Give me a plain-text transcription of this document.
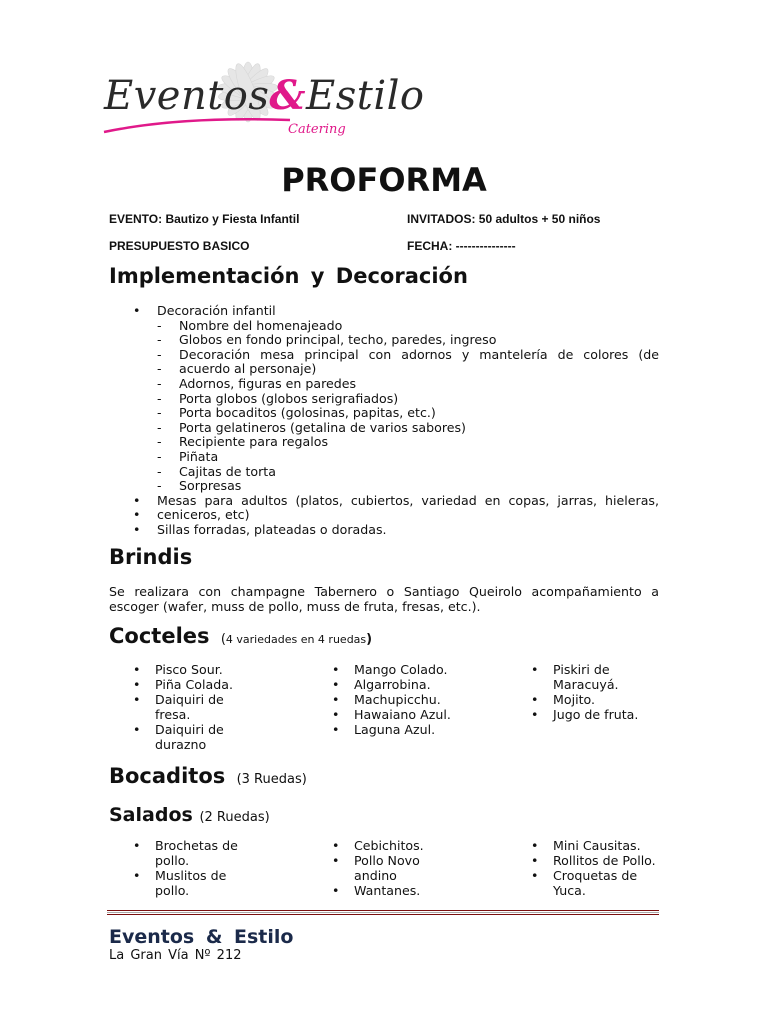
Eventos&Estilo
Catering
PROFORMA
EVENTO: Bautizo y Fiesta Infantil	INVITADOS: 50 adultos + 50 niños
PRESUPUESTO BASICO	FECHA: ---------------
Implementación y Decoración
• Decoración infantil
- Nombre del homenajeado
- Globos en fondo principal, techo, paredes, ingreso
- Decoración mesa principal con adornos y mantelería de colores (de
- acuerdo al personaje)
- Adornos, figuras en paredes
- Porta globos (globos serigrafiados)
- Porta bocaditos (golosinas, papitas, etc.)
- Porta gelatineros (getalina de varios sabores)
- Recipiente para regalos
- Piñata
- Cajitas de torta
- Sorpresas
• Mesas para adultos (platos, cubiertos, variedad en copas, jarras, hieleras,
• ceniceros, etc)
• Sillas forradas, plateadas o doradas.
Brindis
Se realizara con champagne Tabernero o Santiago Queirolo acompañamiento a
escoger (wafer, muss de pollo, muss de fruta, fresas, etc.).
Cocteles (4 variedades en 4 ruedas)
• Pisco Sour.
• Piña Colada.
• Daiquiri de
fresa.
• Daiquiri de
durazno
• Mango Colado.
• Algarrobina.
• Machupicchu.
• Hawaiano Azul.
• Laguna Azul.
• Piskiri de
Maracuyá.
• Mojito.
• Jugo de fruta.
Bocaditos (3 Ruedas)
Salados (2 Ruedas)
• Brochetas de
pollo.
• Muslitos de
pollo.
• Cebichitos.
• Pollo Novo
andino
• Wantanes.
• Mini Causitas.
• Rollitos de Pollo.
• Croquetas de
Yuca.
Eventos & Estilo
La Gran Vía Nº 212
